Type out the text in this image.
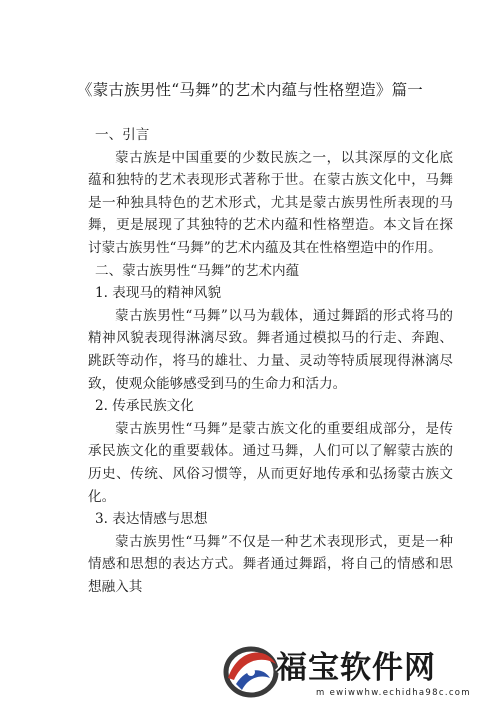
《蒙古族男性“马舞”的艺术内蕴与性格塑造》篇一

一、引言

蒙古族是中国重要的少数民族之一，以其深厚的文化底蕴和独特的艺术表现形式著称于世。在蒙古族文化中，马舞是一种独具特色的艺术形式，尤其是蒙古族男性所表现的马舞，更是展现了其独特的艺术内蕴和性格塑造。本文旨在探讨蒙古族男性“马舞”的艺术内蕴及其在性格塑造中的作用。

二、蒙古族男性“马舞”的艺术内蕴

1. 表现马的精神风貌

蒙古族男性“马舞”以马为载体，通过舞蹈的形式将马的精神风貌表现得淋漓尽致。舞者通过模拟马的行走、奔跑、跳跃等动作，将马的雄壮、力量、灵动等特质展现得淋漓尽致，使观众能够感受到马的生命力和活力。

2. 传承民族文化

蒙古族男性“马舞”是蒙古族文化的重要组成部分，是传承民族文化的重要载体。通过马舞，人们可以了解蒙古族的历史、传统、风俗习惯等，从而更好地传承和弘扬蒙古族文化。

3. 表达情感与思想

蒙古族男性“马舞”不仅是一种艺术表现形式，更是一种情感和思想的表达方式。舞者通过舞蹈，将自己的情感和思想融入其

福宝软件网
m ewiwwhw.echidha98c.com
